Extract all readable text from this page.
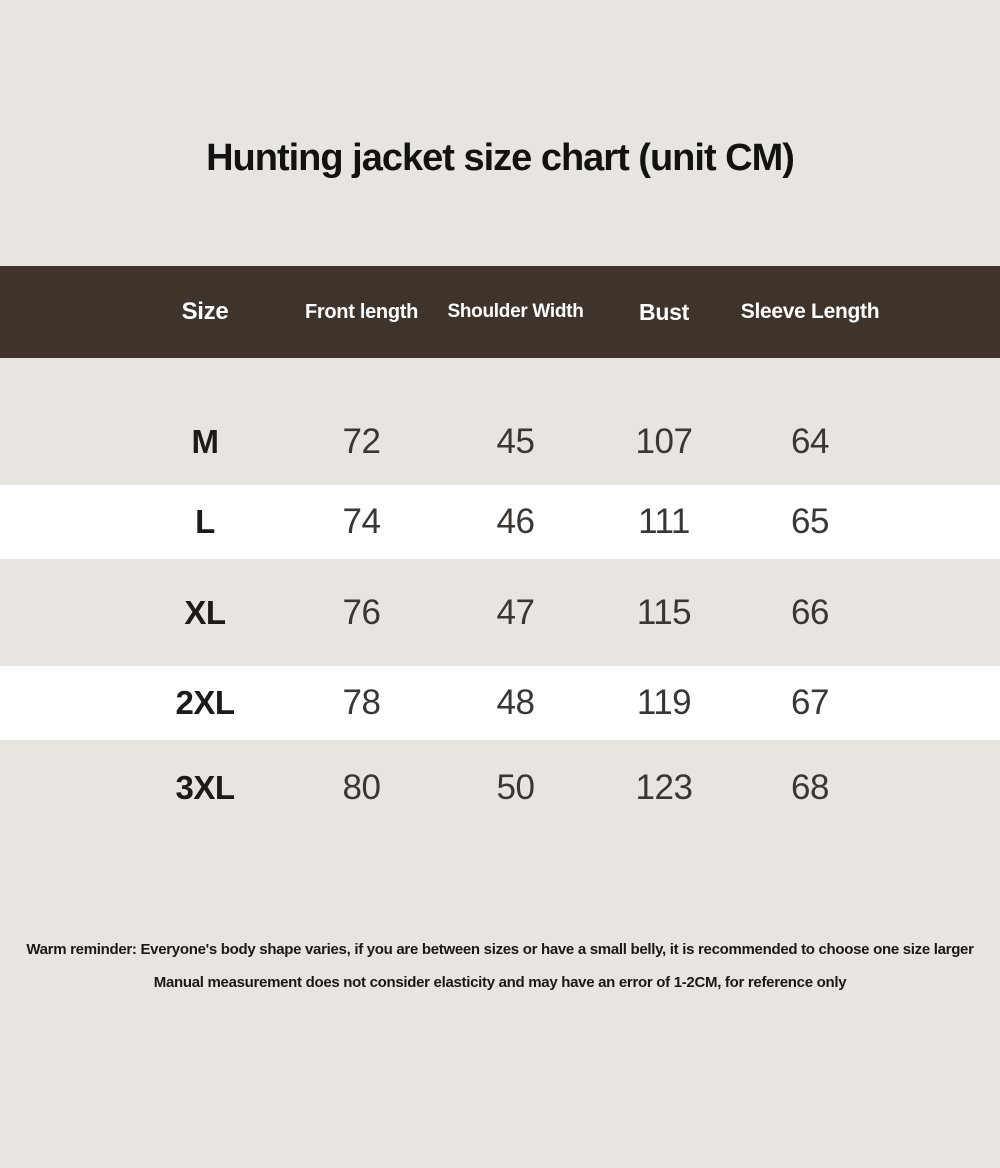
Hunting jacket size chart (unit CM)
Size	Front length	Shoulder Width	Bust	Sleeve Length
M	72	45	107	64
L	74	46	111	65
XL	76	47	115	66
2XL	78	48	119	67
3XL	80	50	123	68

Warm reminder: Everyone's body shape varies, if you are between sizes or have a small belly, it is recommended to choose one size larger

Manual measurement does not consider elasticity and may have an error of 1-2CM, for reference only
